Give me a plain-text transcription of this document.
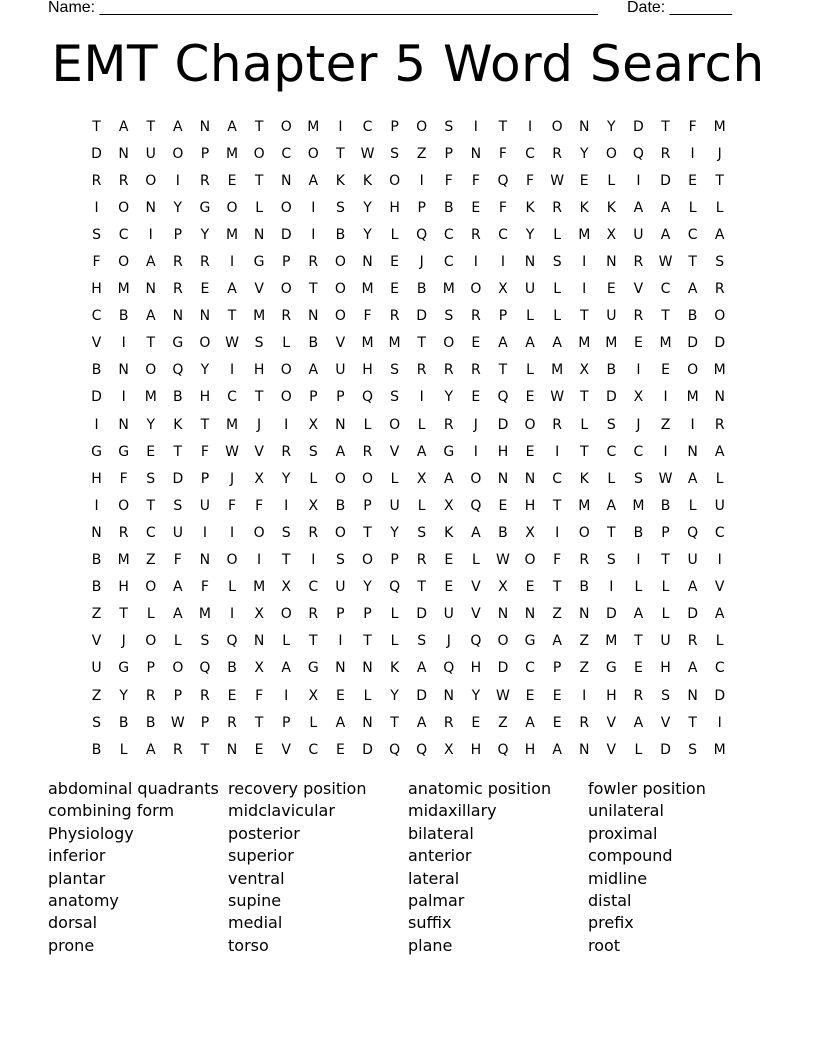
Name: ________________________________________________________ Date: _______
EMT Chapter 5 Word Search
T	A	T	A	N	A	T	O	M	I	C	P	O	S	I	T	I	O	N	Y	D	T	F	M
D	N	U	O	P	M	O	C	O	T	W	S	Z	P	N	F	C	R	Y	O	Q	R	I	J
R	R	O	I	R	E	T	N	A	K	K	O	I	F	F	Q	F	W	E	L	I	D	E	T
I	O	N	Y	G	O	L	O	I	S	Y	H	P	B	E	F	K	R	K	K	A	A	L	L
S	C	I	P	Y	M	N	D	I	B	Y	L	Q	C	R	C	Y	L	M	X	U	A	C	A
F	O	A	R	R	I	G	P	R	O	N	E	J	C	I	I	N	S	I	N	R	W	T	S
H	M	N	R	E	A	V	O	T	O	M	E	B	M	O	X	U	L	I	E	V	C	A	R
C	B	A	N	N	T	M	R	N	O	F	R	D	S	R	P	L	L	T	U	R	T	B	O
V	I	T	G	O	W	S	L	B	V	M	M	T	O	E	A	A	A	M	M	E	M	D	D
B	N	O	Q	Y	I	H	O	A	U	H	S	R	R	R	T	L	M	X	B	I	E	O	M
D	I	M	B	H	C	T	O	P	P	Q	S	I	Y	E	Q	E	W	T	D	X	I	M	N
I	N	Y	K	T	M	J	I	X	N	L	O	L	R	J	D	O	R	L	S	J	Z	I	R
G	G	E	T	F	W	V	R	S	A	R	V	A	G	I	H	E	I	T	C	C	I	N	A
H	F	S	D	P	J	X	Y	L	O	O	L	X	A	O	N	N	C	K	L	S	W	A	L
I	O	T	S	U	F	F	I	X	B	P	U	L	X	Q	E	H	T	M	A	M	B	L	U
N	R	C	U	I	I	O	S	R	O	T	Y	S	K	A	B	X	I	O	T	B	P	Q	C
B	M	Z	F	N	O	I	T	I	S	O	P	R	E	L	W	O	F	R	S	I	T	U	I
B	H	O	A	F	L	M	X	C	U	Y	Q	T	E	V	X	E	T	B	I	L	L	A	V
Z	T	L	A	M	I	X	O	R	P	P	L	D	U	V	N	N	Z	N	D	A	L	D	A
V	J	O	L	S	Q	N	L	T	I	T	L	S	J	Q	O	G	A	Z	M	T	U	R	L
U	G	P	O	Q	B	X	A	G	N	N	K	A	Q	H	D	C	P	Z	G	E	H	A	C
Z	Y	R	P	R	E	F	I	X	E	L	Y	D	N	Y	W	E	E	I	H	R	S	N	D
S	B	B	W	P	R	T	P	L	A	N	T	A	R	E	Z	A	E	R	V	A	V	T	I
B	L	A	R	T	N	E	V	C	E	D	Q	Q	X	H	Q	H	A	N	V	L	D	S	M
abdominal quadrants
combining form
Physiology
inferior
plantar
anatomy
dorsal
prone
recovery position
midclavicular
posterior
superior
ventral
supine
medial
torso
anatomic position
midaxillary
bilateral
anterior
lateral
palmar
suffix
plane
fowler position
unilateral
proximal
compound
midline
distal
prefix
root
